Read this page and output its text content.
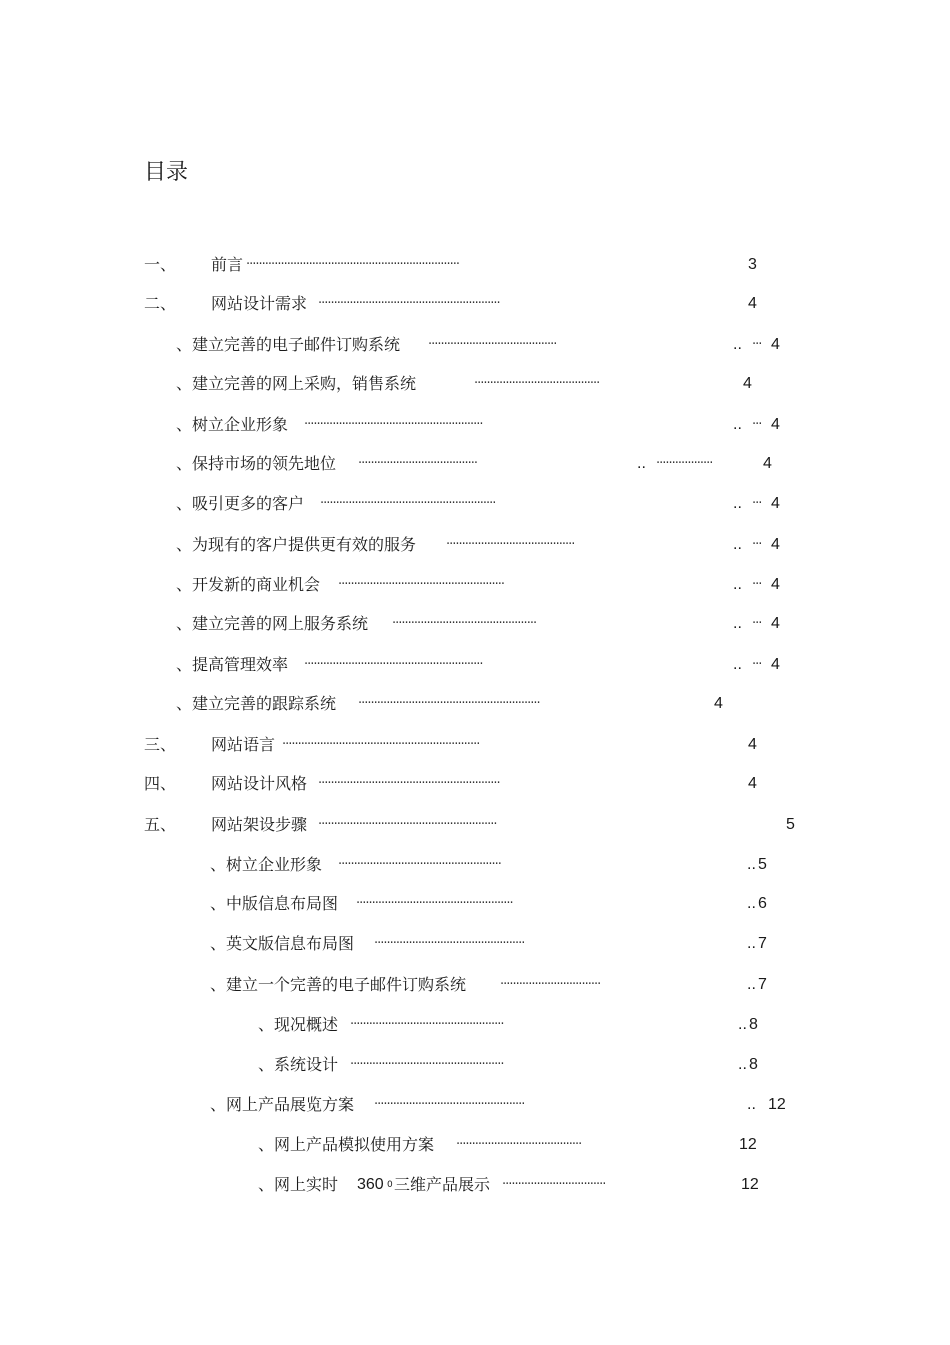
目录
一、 前言 ····································································	3
二、 网站设计需求 ··························································	4
、建立完善的电子邮件订购系统 ·········································	.. ··· 4
、建立完善的网上采购，销售系统	········································	4
、树立企业形象 ·························································	.. ··· 4
、保持市场的领先地位 ······································	.. ··················	4
、吸引更多的客户 ························································	.. ··· 4
、为现有的客户提供更有效的服务 ·········································	.. ··· 4
、开发新的商业机会 ·····················································	.. ··· 4
、建立完善的网上服务系统 ··············································	.. ··· 4
、提高管理效率 ·························································	.. ··· 4
、建立完善的跟踪系统 ··························································	4
三、 网站语言 ·······························································	4
四、 网站设计风格 ··························································	4
五、 网站架设步骤 ·························································	5
、树立企业形象 ····················································	.. 5
、中版信息布局图 ··················································	.. 6
、英文版信息布局图 ················································	.. 7
、建立一个完善的电子邮件订购系统	································	.. 7
、现况概述 ·················································	.. 8
、系统设计 ·················································	.. 8
、网上产品展览方案 ················································	.. 12
、网上产品模拟使用方案 ········································	12
、网上实时 360 0 三维产品展示 ·································	12
